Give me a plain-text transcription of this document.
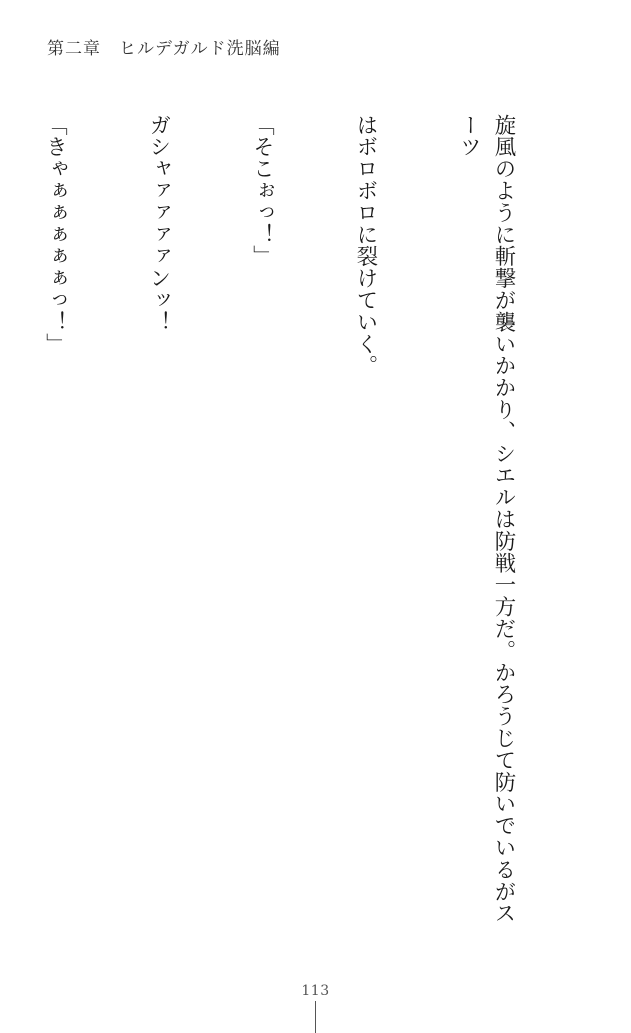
第二章 ヒルデガルド洗脳編

旋風のように斬撃が襲いかかり、シエルは防戦一方だ。かろうじて防いでいるがスーツ

はボロボロに裂けていく。

「そこぉっ！」

ガシャァァァァンッ！

「きゃぁぁぁぁぁっ！」

113
